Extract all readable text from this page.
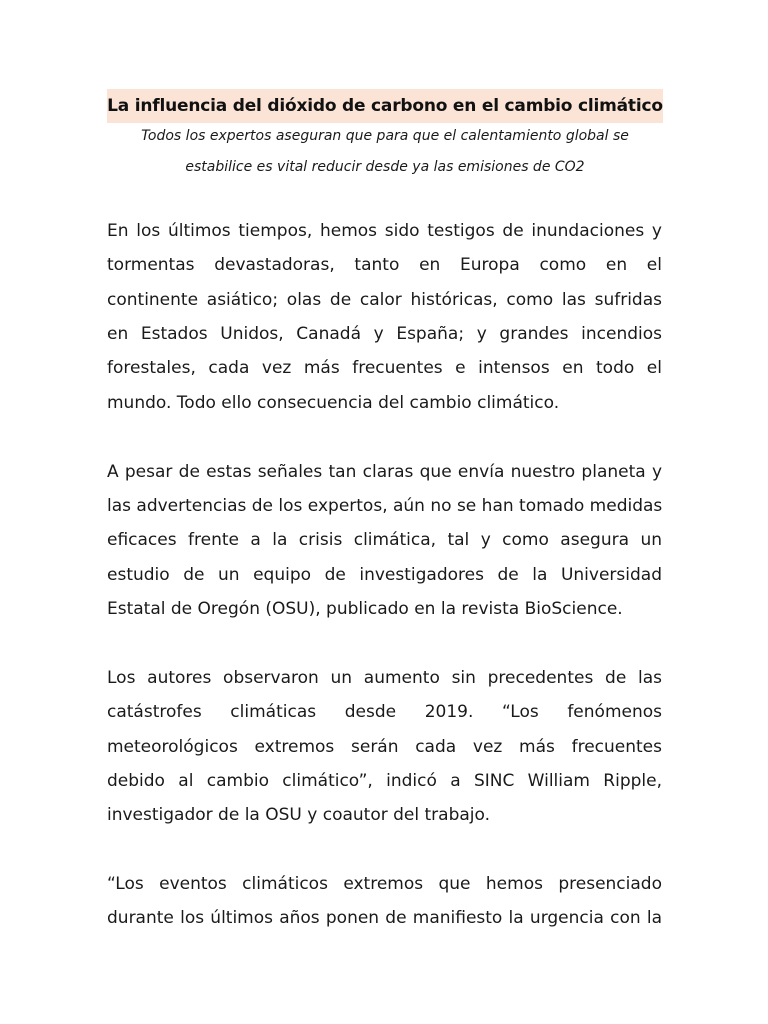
La influencia del dióxido de carbono en el cambio climático
Todos los expertos aseguran que para que el calentamiento global se
estabilice es vital reducir desde ya las emisiones de CO2
En los últimos tiempos, hemos sido testigos de inundaciones y
tormentas devastadoras, tanto en Europa como en el
continente asiático; olas de calor históricas, como las sufridas
en Estados Unidos, Canadá y España; y grandes incendios
forestales, cada vez más frecuentes e intensos en todo el
mundo. Todo ello consecuencia del cambio climático.
A pesar de estas señales tan claras que envía nuestro planeta y
las advertencias de los expertos, aún no se han tomado medidas
eficaces frente a la crisis climática, tal y como asegura un
estudio de un equipo de investigadores de la Universidad
Estatal de Oregón (OSU), publicado en la revista BioScience.
Los autores observaron un aumento sin precedentes de las
catástrofes climáticas desde 2019. “Los fenómenos
meteorológicos extremos serán cada vez más frecuentes
debido al cambio climático”, indicó a SINC William Ripple,
investigador de la OSU y coautor del trabajo.
“Los eventos climáticos extremos que hemos presenciado
durante los últimos años ponen de manifiesto la urgencia con la
